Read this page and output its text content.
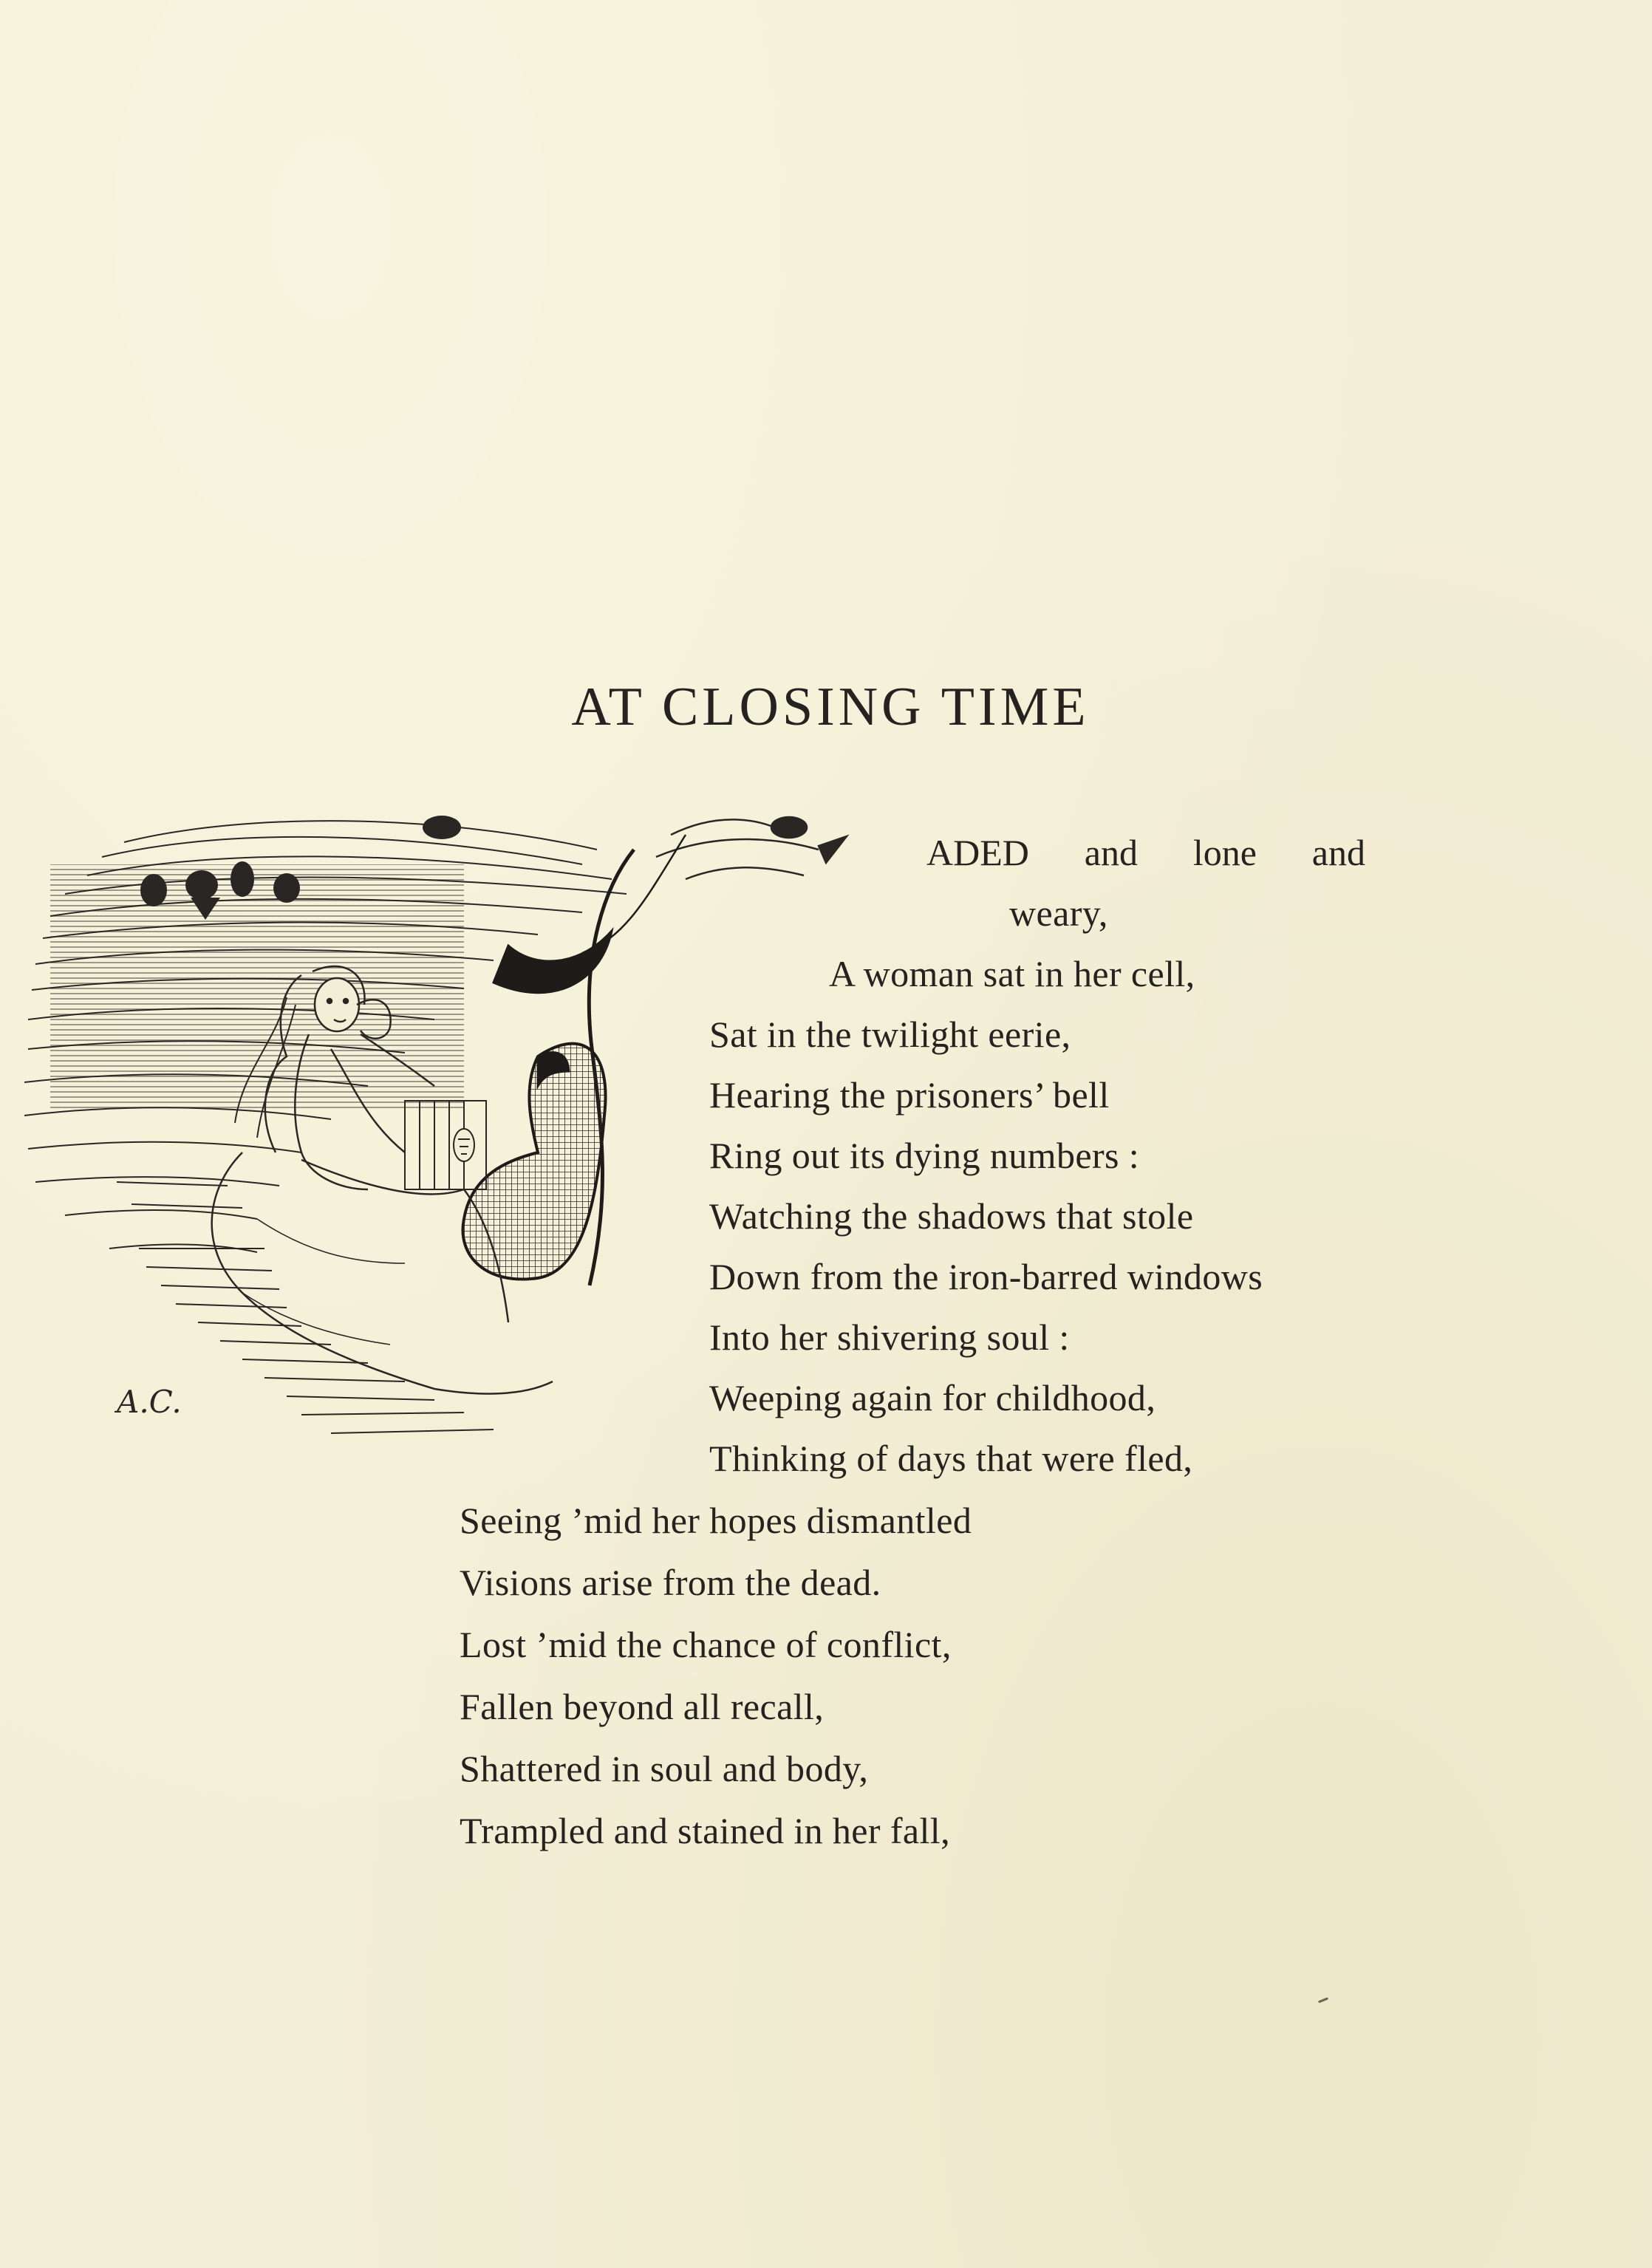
AT CLOSING TIME
A.C.
ADED and lone and
weary,
A woman sat in her cell,
Sat in the twilight eerie,
Hearing the prisoners’ bell
Ring out its dying numbers :
Watching the shadows that stole
Down from the iron-barred windows
Into her shivering soul :
Weeping again for childhood,
Thinking of days that were fled,
Seeing ’mid her hopes dismantled
Visions arise from the dead.
Lost ’mid the chance of conflict,
Fallen beyond all recall,
Shattered in soul and body,
Trampled and stained in her fall,
